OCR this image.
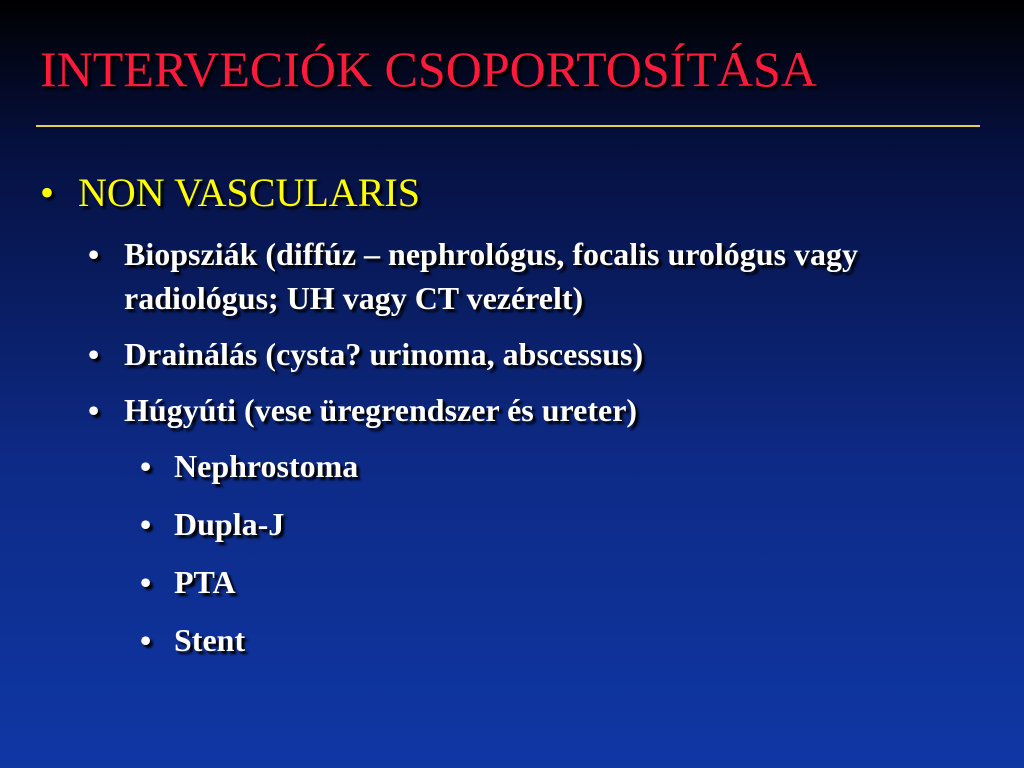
INTERVECIÓK CSOPORTOSÍTÁSA
• NON VASCULARIS
• Biopsziák (diffúz – nephrológus, focalis urológus vagy radiológus; UH vagy CT vezérelt)
• Drainálás (cysta? urinoma, abscessus)
• Húgyúti (vese üregrendszer és ureter)
• Nephrostoma
• Dupla-J
• PTA
• Stent
